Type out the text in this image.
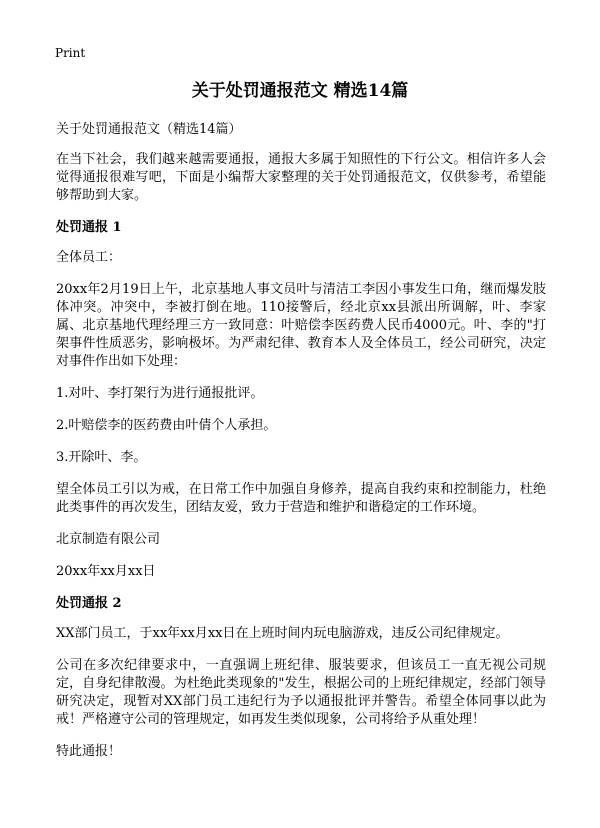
Print
关于处罚通报范文 精选14篇

关于处罚通报范文（精选14篇）

在当下社会，我们越来越需要通报，通报大多属于知照性的下行公文。相信许多人会觉得通报很难写吧，下面是小编帮大家整理的关于处罚通报范文，仅供参考，希望能够帮助到大家。

处罚通报 1

全体员工：

20xx年2月19日上午，北京基地人事文员叶与清洁工李因小事发生口角，继而爆发肢体冲突。冲突中，李被打倒在地。110接警后，经北京xx县派出所调解，叶、李家属、北京基地代理经理三方一致同意：叶赔偿李医药费人民币4000元。叶、李的"打架事件性质恶劣，影响极坏。为严肃纪律、教育本人及全体员工，经公司研究，决定对事件作出如下处理：

1.对叶、李打架行为进行通报批评。

2.叶赔偿李的医药费由叶倩个人承担。

3.开除叶、李。

望全体员工引以为戒，在日常工作中加强自身修养，提高自我约束和控制能力，杜绝此类事件的再次发生，团结友爱，致力于营造和维护和谐稳定的工作环境。

北京制造有限公司

20xx年xx月xx日

处罚通报 2

XX部门员工，于xx年xx月xx日在上班时间内玩电脑游戏，违反公司纪律规定。

公司在多次纪律要求中，一直强调上班纪律、服装要求，但该员工一直无视公司规定，自身纪律散漫。为杜绝此类现象的"发生，根据公司的上班纪律规定，经部门领导研究决定，现暂对XX部门员工违纪行为予以通报批评并警告。希望全体同事以此为戒！严格遵守公司的管理规定，如再发生类似现象，公司将给予从重处理！

特此通报！
